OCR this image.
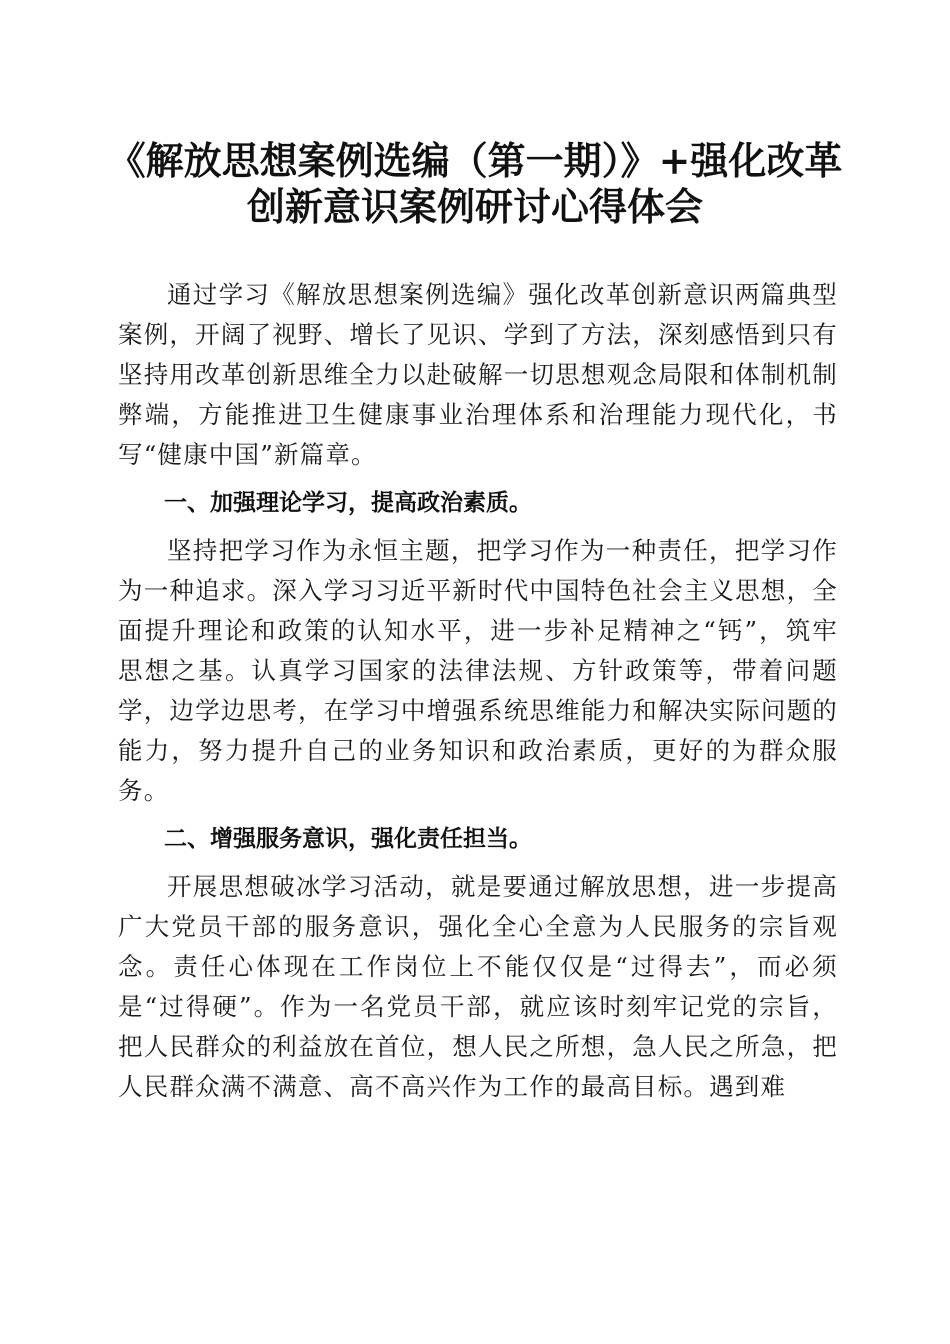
《解放思想案例选编（第一期）》+强化改革
创新意识案例研讨心得体会

通过学习《解放思想案例选编》强化改革创新意识两篇典型案例，开阔了视野、增长了见识、学到了方法，深刻感悟到只有坚持用改革创新思维全力以赴破解一切思想观念局限和体制机制弊端，方能推进卫生健康事业治理体系和治理能力现代化，书写“健康中国”新篇章。

一、加强理论学习，提高政治素质。

坚持把学习作为永恒主题，把学习作为一种责任，把学习作为一种追求。深入学习习近平新时代中国特色社会主义思想，全面提升理论和政策的认知水平，进一步补足精神之“钙”，筑牢思想之基。认真学习国家的法律法规、方针政策等，带着问题学，边学边思考，在学习中增强系统思维能力和解决实际问题的能力，努力提升自己的业务知识和政治素质，更好的为群众服务。

二、增强服务意识，强化责任担当。

开展思想破冰学习活动，就是要通过解放思想，进一步提高广大党员干部的服务意识，强化全心全意为人民服务的宗旨观念。责任心体现在工作岗位上不能仅仅是“过得去”，而必须是“过得硬”。作为一名党员干部，就应该时刻牢记党的宗旨，把人民群众的利益放在首位，想人民之所想，急人民之所急，把人民群众满不满意、高不高兴作为工作的最高目标。遇到难
